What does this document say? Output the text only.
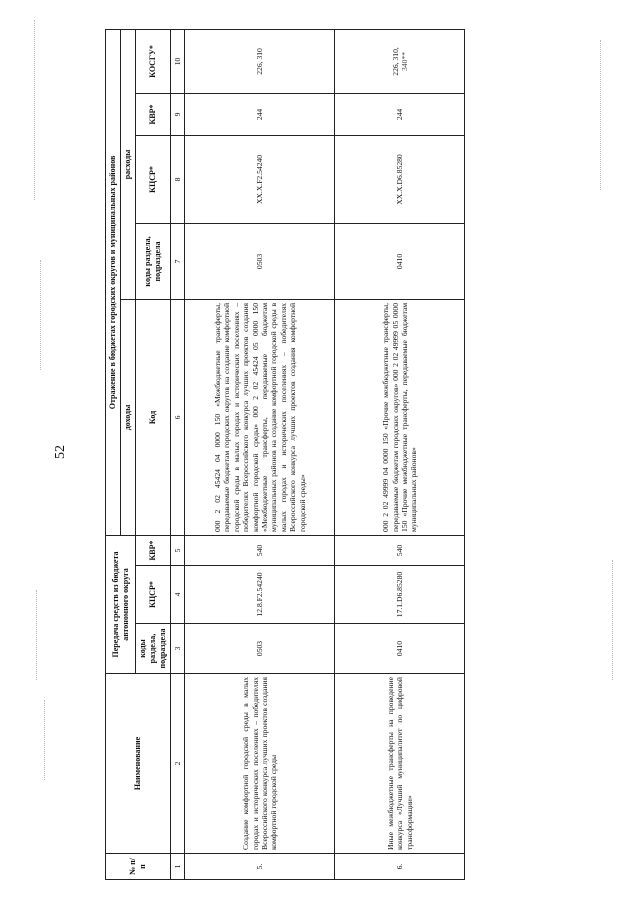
52
№ п/п	Наименование	Передача средств из бюджета автономного округа			Отражение в бюджетах городских округов и муниципальных районов				
					доходы	расходы			
		коды раздела, подраздела	КЦСР*	КВР*	Код	коды раздела, подраздела	КЦСР*	КВР*	КОСГУ*
1	2	3	4	5	6	7	8	9	10
5.	Создание комфортной городской среды в малых городах и исторических поселениях – победителях Всероссийского конкурса лучших проектов создания комфортной городской среды	0503	12.8.F2.54240	540	000 2 02 45424 04 0000 150 «Межбюджетные трансферты, передаваемые бюджетам городских округов на создание комфортной городской среды в малых городах и исторических поселениях – победителях Всероссийского конкурса лучших проектов создания комфортной городской среды» 000 2 02 45424 05 0000 150 «Межбюджетные трансферты, передаваемые бюджетам муниципальных районов на создание комфортной городской среды в малых городах и исторических поселениях – победителях Всероссийского конкурса лучших проектов создания комфортной городской среды»	0503	XX.X.F2.54240	244	226, 310
6.	Иные межбюджетные трансферты на проведение конкурса «Лучший муниципалитет по цифровой трансформации»	0410	17.1.D6.85280	540	000 2 02 49999 04 0000 150 «Прочие межбюджетные трансферты, передаваемые бюджетам городских округов» 000 2 02 49999 05 0000 150 «Прочие межбюджетные трансферты, передаваемые бюджетам муниципальных районов»	0410	XX.X.D6.85280	244	226, 310, 340**
